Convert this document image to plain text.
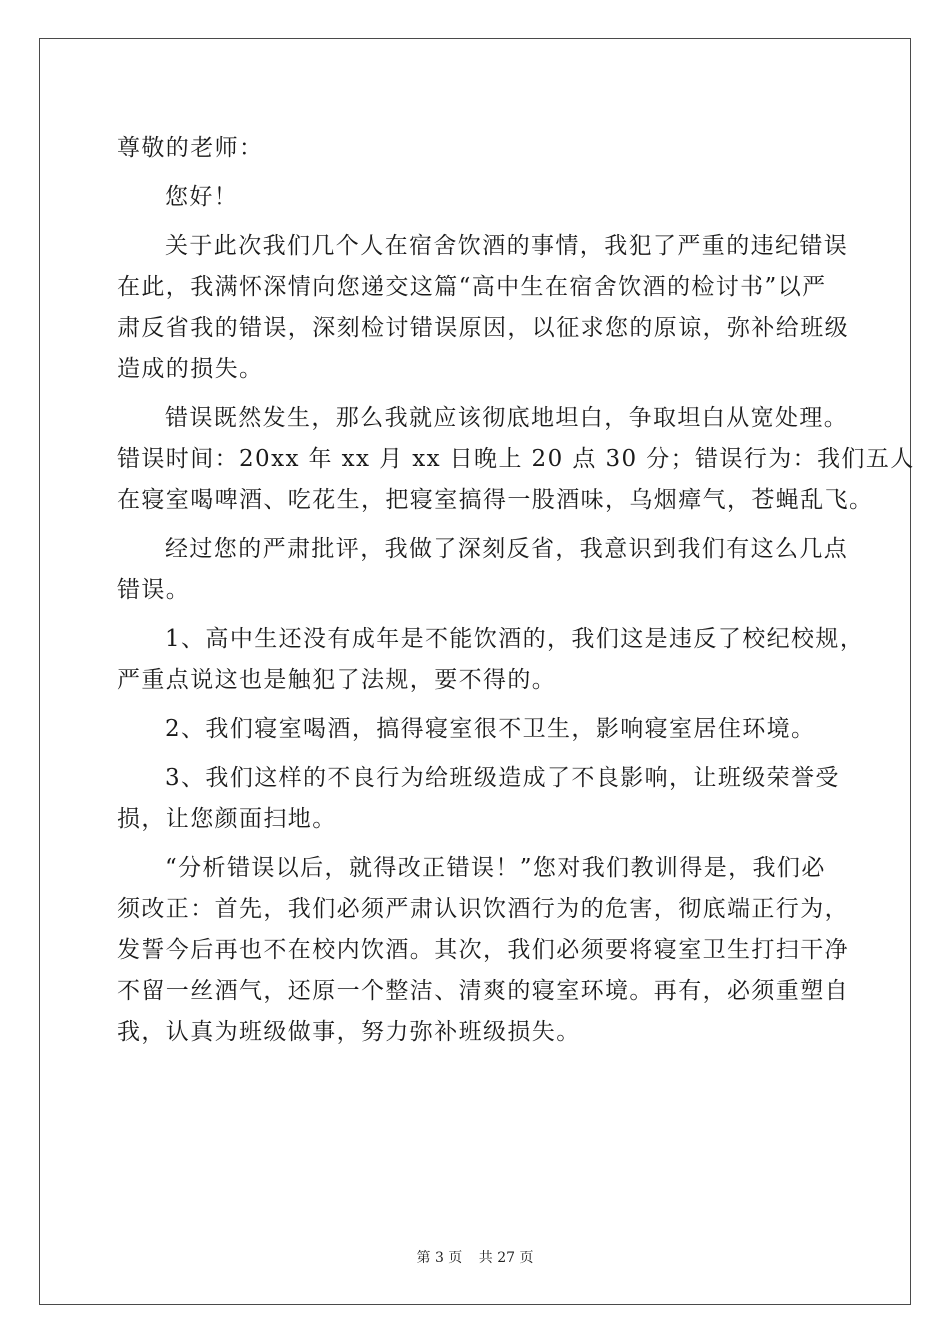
尊敬的老师：
您好！
关于此次我们几个人在宿舍饮酒的事情，我犯了严重的违纪错误
在此，我满怀深情向您递交这篇“高中生在宿舍饮酒的检讨书”以严
肃反省我的错误，深刻检讨错误原因，以征求您的原谅，弥补给班级
造成的损失。
错误既然发生，那么我就应该彻底地坦白，争取坦白从宽处理。
错误时间：20xx 年 xx 月 xx 日晚上 20 点 30 分；错误行为：我们五人
在寝室喝啤酒、吃花生，把寝室搞得一股酒味，乌烟瘴气，苍蝇乱飞。
经过您的严肃批评，我做了深刻反省，我意识到我们有这么几点
错误。
1、高中生还没有成年是不能饮酒的，我们这是违反了校纪校规，
严重点说这也是触犯了法规，要不得的。
2、我们寝室喝酒，搞得寝室很不卫生，影响寝室居住环境。
3、我们这样的不良行为给班级造成了不良影响，让班级荣誉受
损，让您颜面扫地。
“分析错误以后，就得改正错误！”您对我们教训得是，我们必
须改正：首先，我们必须严肃认识饮酒行为的危害，彻底端正行为，
发誓今后再也不在校内饮酒。其次，我们必须要将寝室卫生打扫干净
不留一丝酒气，还原一个整洁、清爽的寝室环境。再有，必须重塑自
我，认真为班级做事，努力弥补班级损失。
第 3 页 共 27 页
